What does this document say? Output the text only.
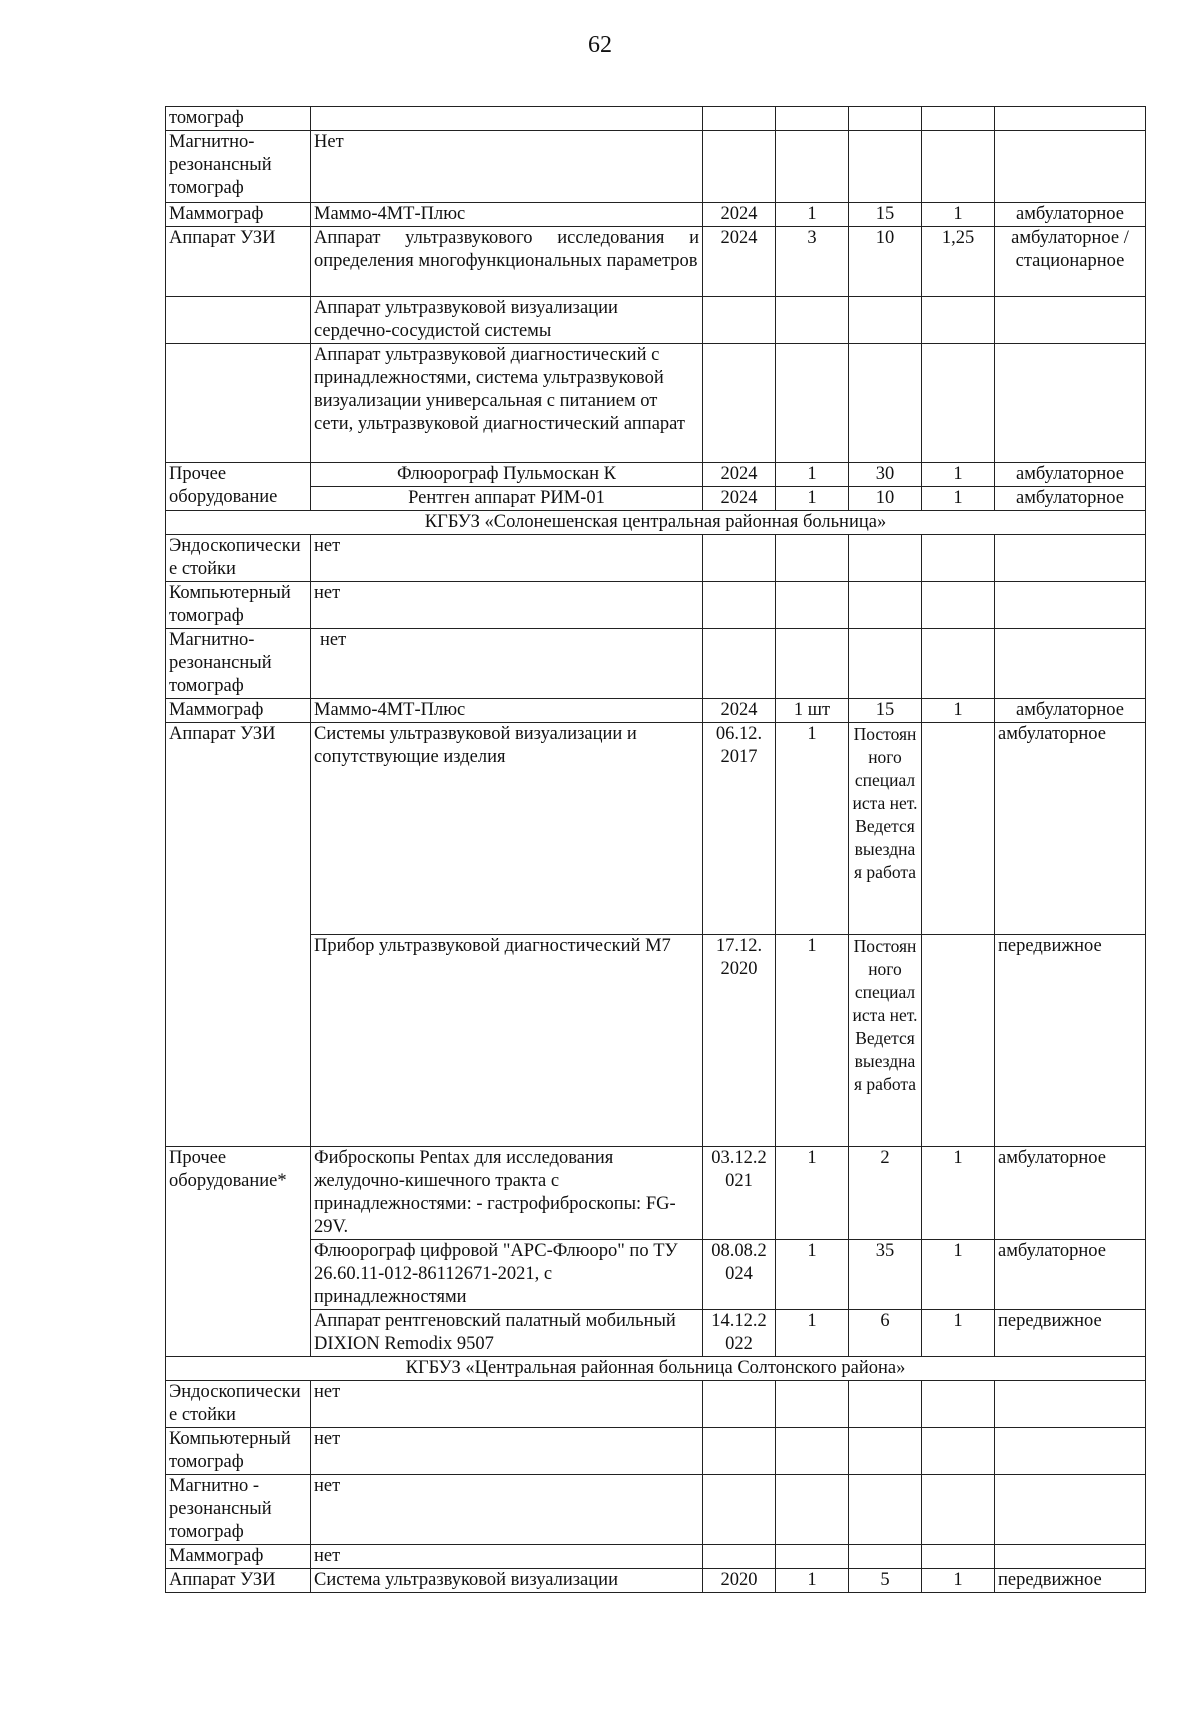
62
томограф						
Магнитно-резонансный томограф	Нет					
Маммограф	Маммо-4МТ-Плюс	2024	1	15	1	амбулаторное
Аппарат УЗИ	Аппарат ультразвукового исследования и определения многофункциональных параметров	2024	3	10	1,25	амбулаторное / стационарное
	Аппарат ультразвуковой визуализации сердечно-сосудистой системы					
	Аппарат ультразвуковой диагностический с принадлежностями, система ультразвуковой визуализации универсальная с питанием от сети, ультразвуковой диагностический аппарат					
Прочее оборудование	Флюорограф Пульмоскан К	2024	1	30	1	амбулаторное
	Рентген аппарат РИМ-01	2024	1	10	1	амбулаторное
КГБУЗ «Солонешенская центральная районная больница»						
Эндоскопические стойки	нет					
Компьютерный томограф	нет					
Магнитно-резонансный томограф	нет					
Маммограф	Маммо-4МТ-Плюс	2024	1 шт	15	1	амбулаторное
Аппарат УЗИ	Системы ультразвуковой визуализации и сопутствующие изделия	06.12. 2017	1	Постоянного специалиста нет. Ведется выездная работа		амбулаторное
	Прибор ультразвуковой диагностический М7	17.12. 2020	1	Постоянного специалиста нет. Ведется выездная работа		передвижное
Прочее оборудование*	Фиброскопы Pentax для исследования желудочно-кишечного тракта с принадлежностями: - гастрофиброскопы: FG-29V.	03.12.2 021	1	2	1	амбулаторное
	Флюорограф цифровой "АРС-Флюоро" по ТУ 26.60.11-012-86112671-2021, с принадлежностями	08.08.2 024	1	35	1	амбулаторное
	Аппарат рентгеновский палатный мобильный DIXION Remodix 9507	14.12.2 022	1	6	1	передвижное
КГБУЗ «Центральная районная больница Солтонского района»						
Эндоскопические стойки	нет					
Компьютерный томограф	нет					
Магнитно - резонансный томограф	нет					
Маммограф	нет					
Аппарат УЗИ	Система ультразвуковой визуализации	2020	1	5	1	передвижное
